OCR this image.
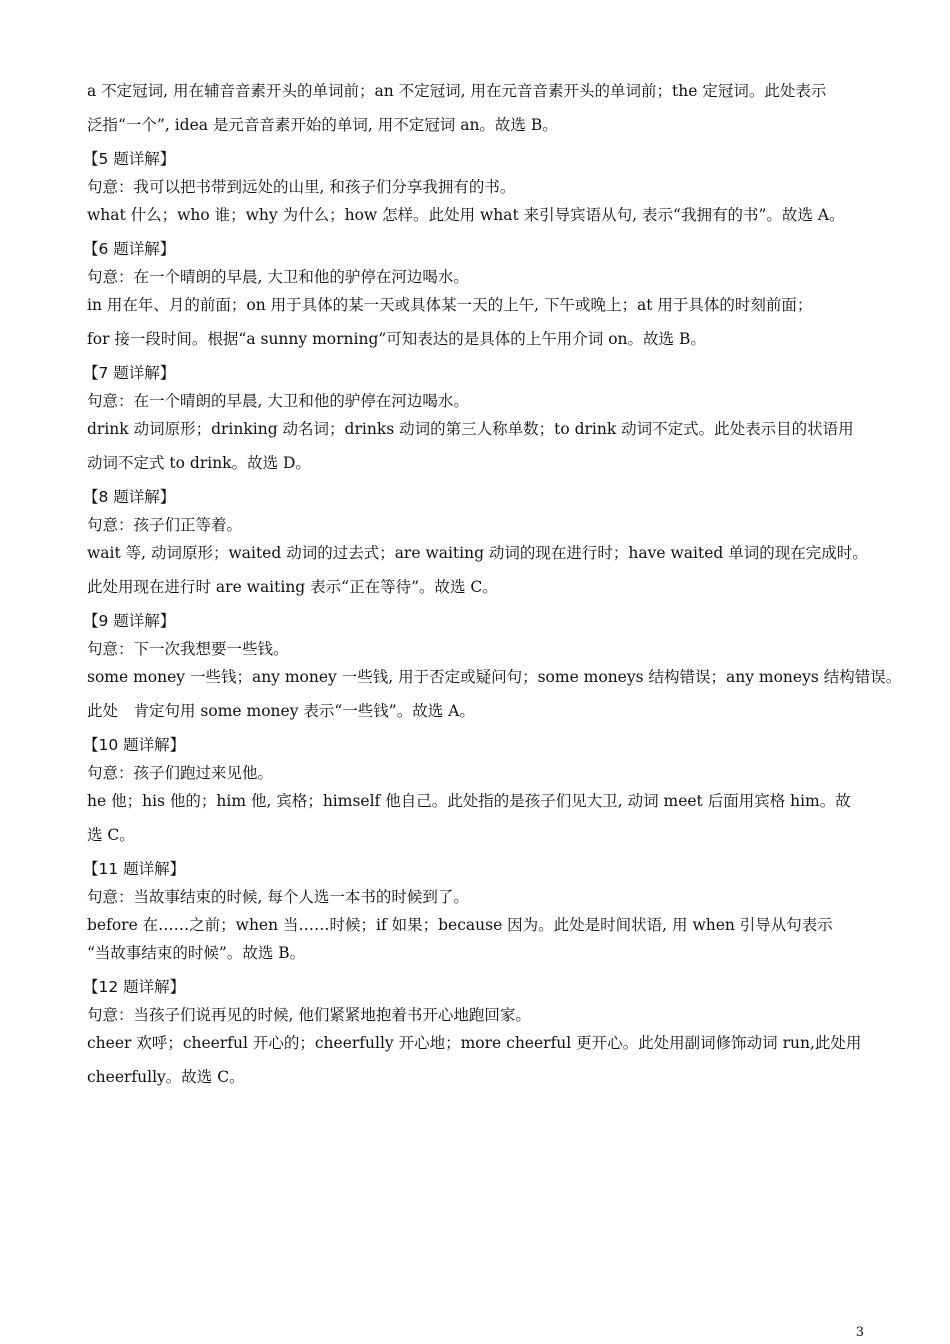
a 不定冠词, 用在辅音音素开头的单词前；an 不定冠词, 用在元音音素开头的单词前；the 定冠词。此处表示
泛指“一个”, idea 是元音音素开始的单词, 用不定冠词 an。故选 B。
【5 题详解】
句意：我可以把书带到远处的山里, 和孩子们分享我拥有的书。
what 什么；who 谁；why 为什么；how 怎样。此处用 what 来引导宾语从句, 表示“我拥有的书”。故选 A。
【6 题详解】
句意：在一个晴朗的早晨, 大卫和他的驴停在河边喝水。
in 用在年、月的前面；on 用于具体的某一天或具体某一天的上午, 下午或晚上；at 用于具体的时刻前面；
for 接一段时间。根据“a sunny morning”可知表达的是具体的上午用介词 on。故选 B。
【7 题详解】
句意：在一个晴朗的早晨, 大卫和他的驴停在河边喝水。
drink 动词原形；drinking 动名词；drinks 动词的第三人称单数；to drink 动词不定式。此处表示目的状语用
动词不定式 to drink。故选 D。
【8 题详解】
句意：孩子们正等着。
wait 等, 动词原形；waited 动词的过去式；are waiting 动词的现在进行时；have waited 单词的现在完成时。
此处用现在进行时 are waiting 表示“正在等待”。故选 C。
【9 题详解】
句意：下一次我想要一些钱。
some money 一些钱；any money 一些钱, 用于否定或疑问句；some moneys 结构错误；any moneys 结构错误。
此处　肯定句用 some money 表示“一些钱”。故选 A。
【10 题详解】
句意：孩子们跑过来见他。
he 他；his 他的；him 他, 宾格；himself 他自己。此处指的是孩子们见大卫, 动词 meet 后面用宾格 him。故
选 C。
【11 题详解】
句意：当故事结束的时候, 每个人选一本书的时候到了。
before 在……之前；when 当……时候；if 如果；because 因为。此处是时间状语, 用 when 引导从句表示
“当故事结束的时候”。故选 B。
【12 题详解】
句意：当孩子们说再见的时候, 他们紧紧地抱着书开心地跑回家。
cheer 欢呼；cheerful 开心的；cheerfully 开心地；more cheerful 更开心。此处用副词修饰动词 run,此处用
cheerfully。故选 C。
3
